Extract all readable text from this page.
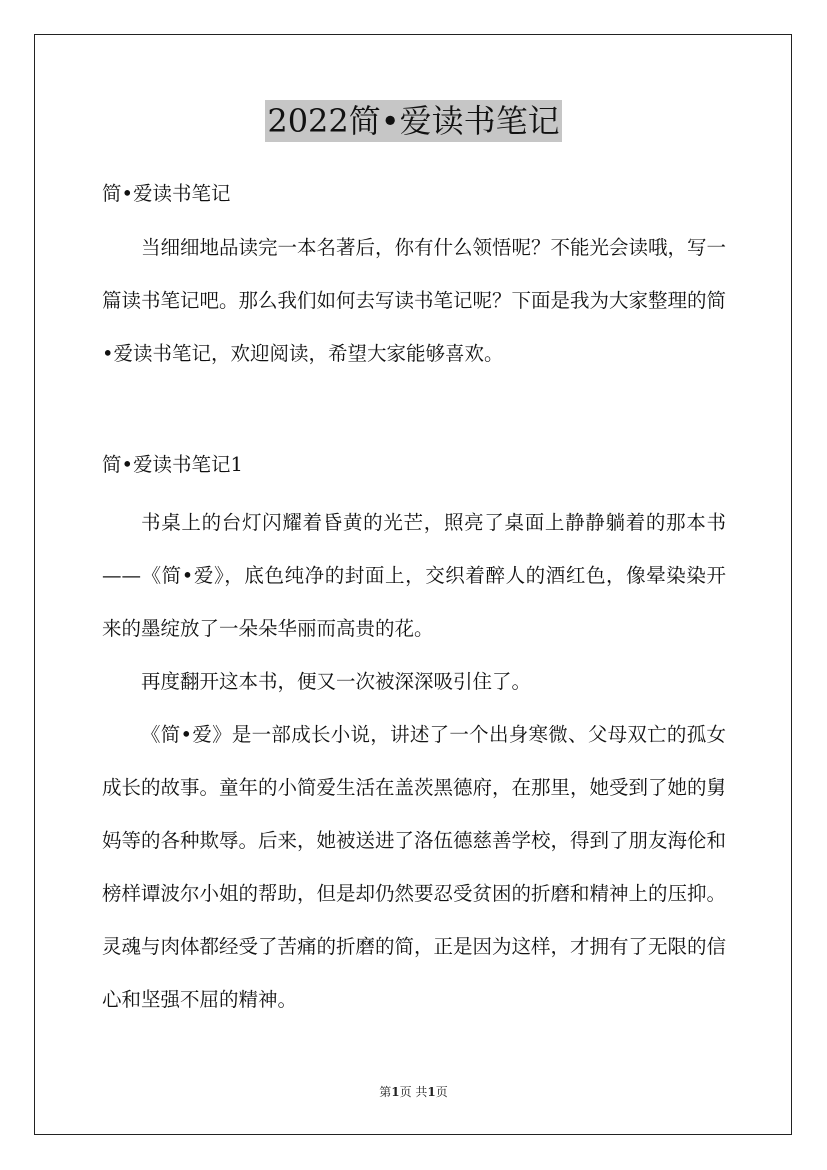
2022简•爱读书笔记
简•爱读书笔记
当细细地品读完一本名著后，你有什么领悟呢？不能光会读哦，写一篇读书笔记吧。那么我们如何去写读书笔记呢？下面是我为大家整理的简•爱读书笔记，欢迎阅读，希望大家能够喜欢。
简•爱读书笔记1
书桌上的台灯闪耀着昏黄的光芒，照亮了桌面上静静躺着的那本书——《简•爱》，底色纯净的封面上，交织着醉人的酒红色，像晕染染开来的墨绽放了一朵朵华丽而高贵的花。
再度翻开这本书，便又一次被深深吸引住了。
《简•爱》是一部成长小说，讲述了一个出身寒微、父母双亡的孤女成长的故事。童年的小简爱生活在盖茨黑德府，在那里，她受到了她的舅妈等的各种欺辱。后来，她被送进了洛伍德慈善学校，得到了朋友海伦和榜样谭波尔小姐的帮助，但是却仍然要忍受贫困的折磨和精神上的压抑。灵魂与肉体都经受了苦痛的折磨的简，正是因为这样，才拥有了无限的信心和坚强不屈的精神。
第1页 共1页
